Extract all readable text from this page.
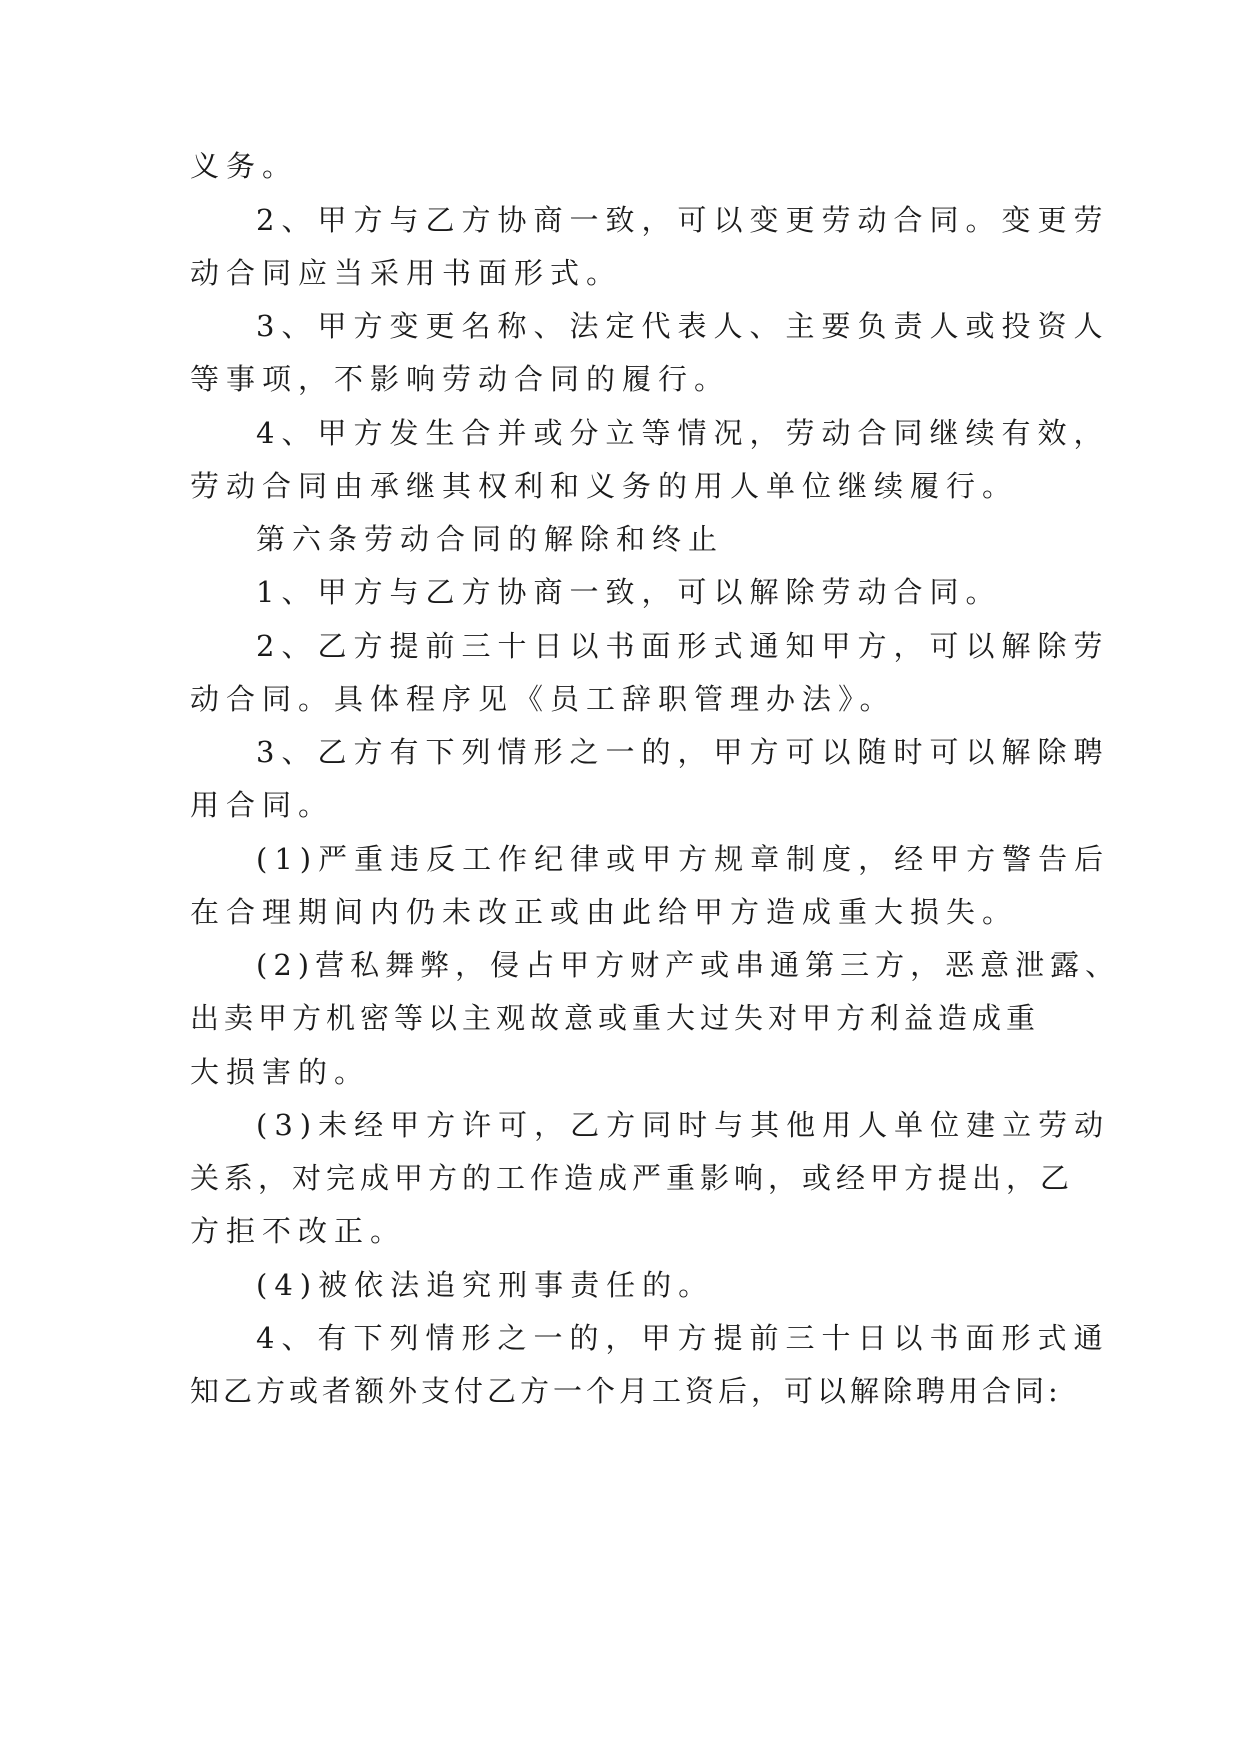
义务。
2、甲方与乙方协商一致，可以变更劳动合同。变更劳
动合同应当采用书面形式。
3、甲方变更名称、法定代表人、主要负责人或投资人
等事项，不影响劳动合同的履行。
4、甲方发生合并或分立等情况，劳动合同继续有效，
劳动合同由承继其权利和义务的用人单位继续履行。
第六条劳动合同的解除和终止
1、甲方与乙方协商一致，可以解除劳动合同。
2、乙方提前三十日以书面形式通知甲方，可以解除劳
动合同。具体程序见《员工辞职管理办法》。
3、乙方有下列情形之一的，甲方可以随时可以解除聘
用合同。
(1)严重违反工作纪律或甲方规章制度，经甲方警告后
在合理期间内仍未改正或由此给甲方造成重大损失。
(2)营私舞弊，侵占甲方财产或串通第三方，恶意泄露、
出卖甲方机密等以主观故意或重大过失对甲方利益造成重
大损害的。
(3)未经甲方许可，乙方同时与其他用人单位建立劳动
关系，对完成甲方的工作造成严重影响，或经甲方提出，乙
方拒不改正。
(4)被依法追究刑事责任的。
4、有下列情形之一的，甲方提前三十日以书面形式通
知乙方或者额外支付乙方一个月工资后，可以解除聘用合同:
